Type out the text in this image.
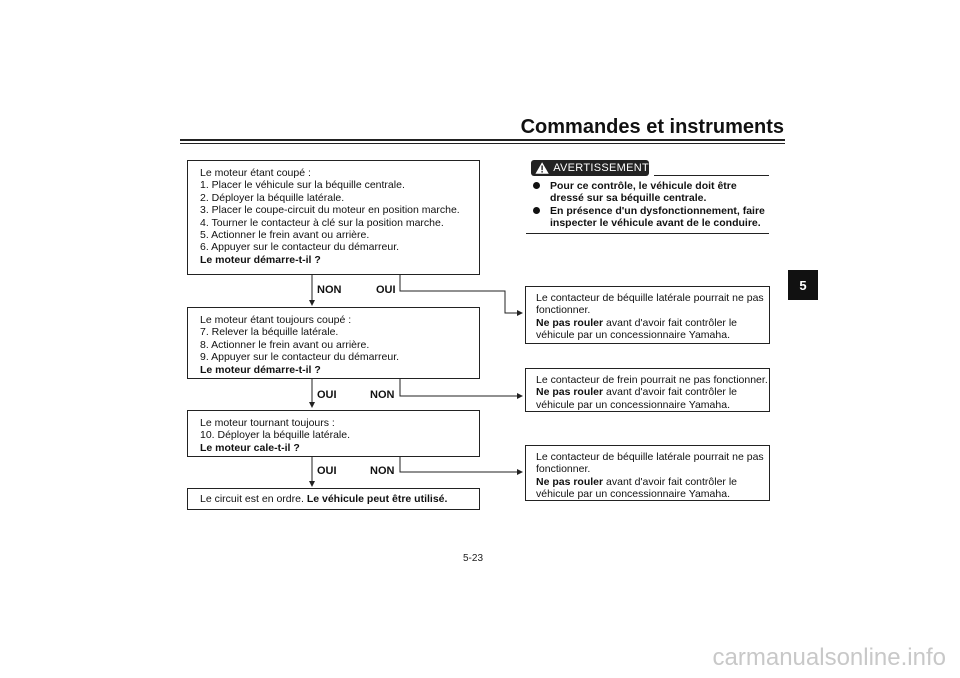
Commandes et instruments
5
Le moteur étant coupé :
1. Placer le véhicule sur la béquille centrale.
2. Déployer la béquille latérale.
3. Placer le coupe-circuit du moteur en position marche.
4. Tourner le contacteur à clé sur la position marche.
5. Actionner le frein avant ou arrière.
6. Appuyer sur le contacteur du démarreur.
Le moteur démarre-t-il ?
NON	OUI
Le moteur étant toujours coupé :
7. Relever la béquille latérale.
8. Actionner le frein avant ou arrière.
9. Appuyer sur le contacteur du démarreur.
Le moteur démarre-t-il ?
OUI	NON
Le moteur tournant toujours :
10. Déployer la béquille latérale.
Le moteur cale-t-il ?
OUI	NON
Le circuit est en ordre. Le véhicule peut être utilisé.
AVERTISSEMENT
Pour ce contrôle, le véhicule doit être dressé sur sa béquille centrale.
En présence d'un dysfonctionnement, faire inspecter le véhicule avant de le conduire.
Le contacteur de béquille latérale pourrait ne pas
fonctionner.
Ne pas rouler avant d'avoir fait contrôler le
véhicule par un concessionnaire Yamaha.
Le contacteur de frein pourrait ne pas fonctionner.
Ne pas rouler avant d'avoir fait contrôler le
véhicule par un concessionnaire Yamaha.
Le contacteur de béquille latérale pourrait ne pas
fonctionner.
Ne pas rouler avant d'avoir fait contrôler le
véhicule par un concessionnaire Yamaha.
5-23
carmanualsonline.info
